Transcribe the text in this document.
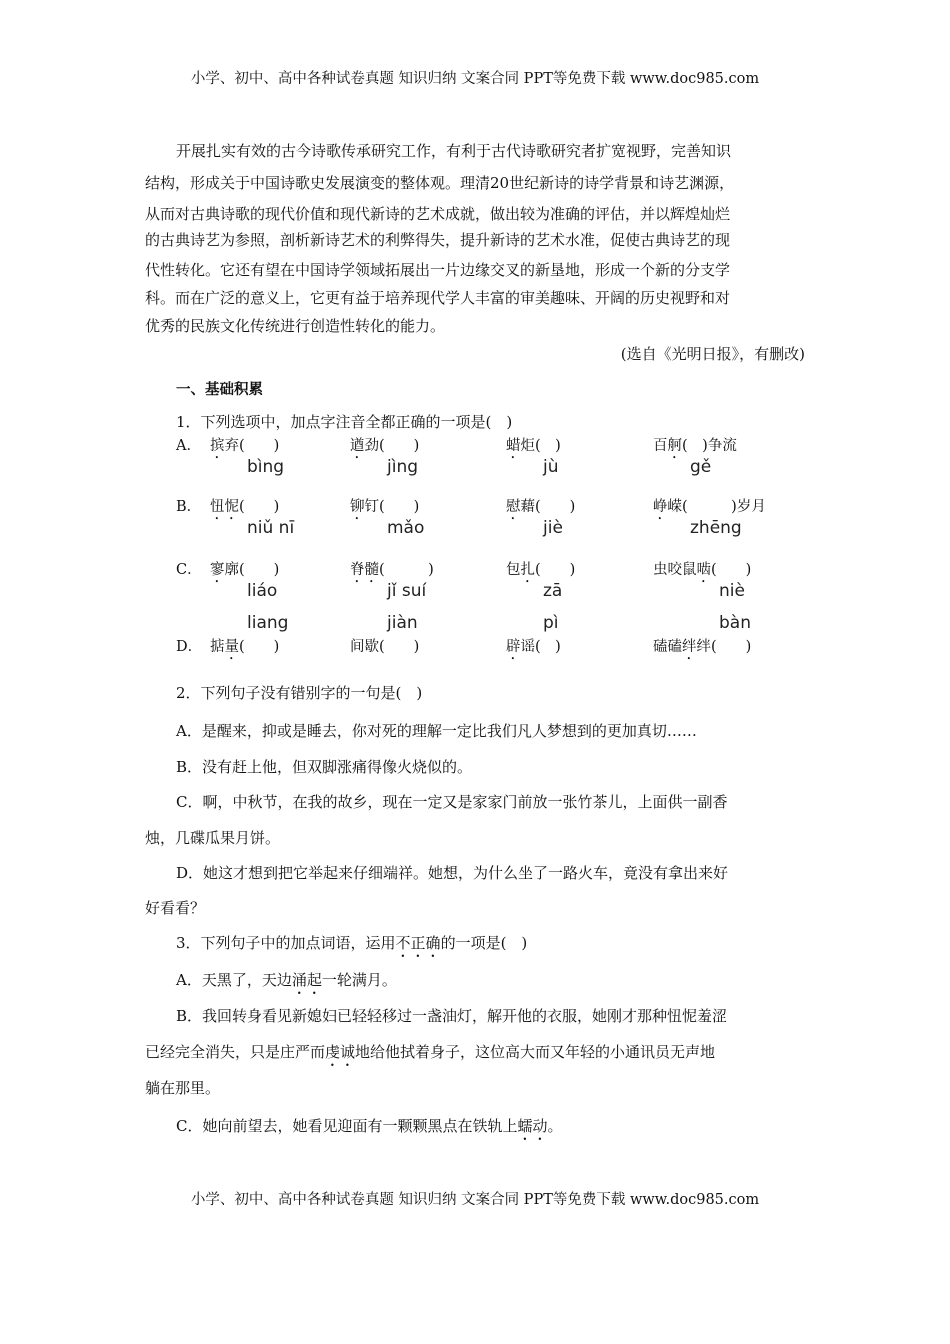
小学、初中、高中各种试卷真题 知识归纳 文案合同 PPT等免费下载 www.doc985.com
开展扎实有效的古今诗歌传承研究工作，有利于古代诗歌研究者扩宽视野，完善知识
结构，形成关于中国诗歌史发展演变的整体观。理清20世纪新诗的诗学背景和诗艺渊源，
从而对古典诗歌的现代价值和现代新诗的艺术成就，做出较为准确的评估，并以辉煌灿烂
的古典诗艺为参照，剖析新诗艺术的利弊得失，提升新诗的艺术水准，促使古典诗艺的现
代性转化。它还有望在中国诗学领域拓展出一片边缘交叉的新垦地，形成一个新的分支学
科。而在广泛的意义上，它更有益于培养现代学人丰富的审美趣味、开阔的历史视野和对
优秀的民族文化传统进行创造性转化的能力。
(选自《光明日报》，有删改)
一、基础积累
1．下列选项中，加点字注音全都正确的一项是(　)
A． 摈弃(　　)
bìng
遒劲(　　)
jìng
蜡炬(　)
jù
百舸(　)争流
gě
B． 忸怩(　　)
niǔ nī
铆钉(　　)
mǎo
慰藉(　　)
jiè
峥嵘(　　　)岁月
zhēng
C． 寥廓(　　)
liáo
脊髓(　　　)
jǐ suí
包扎(　　)
zā
虫咬鼠啮(　　)
niè
D． 掂量(　　)
liang
间歇(　　)
jiàn
辟谣(　)
pì
磕磕绊绊(　　)
bàn
2．下列句子没有错别字的一句是(　)
A．是醒来，抑或是睡去，你对死的理解一定比我们凡人梦想到的更加真切……
B．没有赶上他，但双脚涨痛得像火烧似的。
C．啊，中秋节，在我的故乡，现在一定又是家家门前放一张竹茶儿，上面供一副香
烛，几碟瓜果月饼。
D．她这才想到把它举起来仔细端祥。她想，为什么坐了一路火车，竟没有拿出来好
好看看？
3．下列句子中的加点词语，运用不正确的一项是(　)
A．天黑了，天边涌起一轮满月。
B．我回转身看见新媳妇已轻轻移过一盏油灯，解开他的衣服，她刚才那种忸怩羞涩
已经完全消失，只是庄严而虔诚地给他拭着身子，这位高大而又年轻的小通讯员无声地
躺在那里。
C．她向前望去，她看见迎面有一颗颗黑点在铁轨上蠕动。
小学、初中、高中各种试卷真题 知识归纳 文案合同 PPT等免费下载 www.doc985.com
